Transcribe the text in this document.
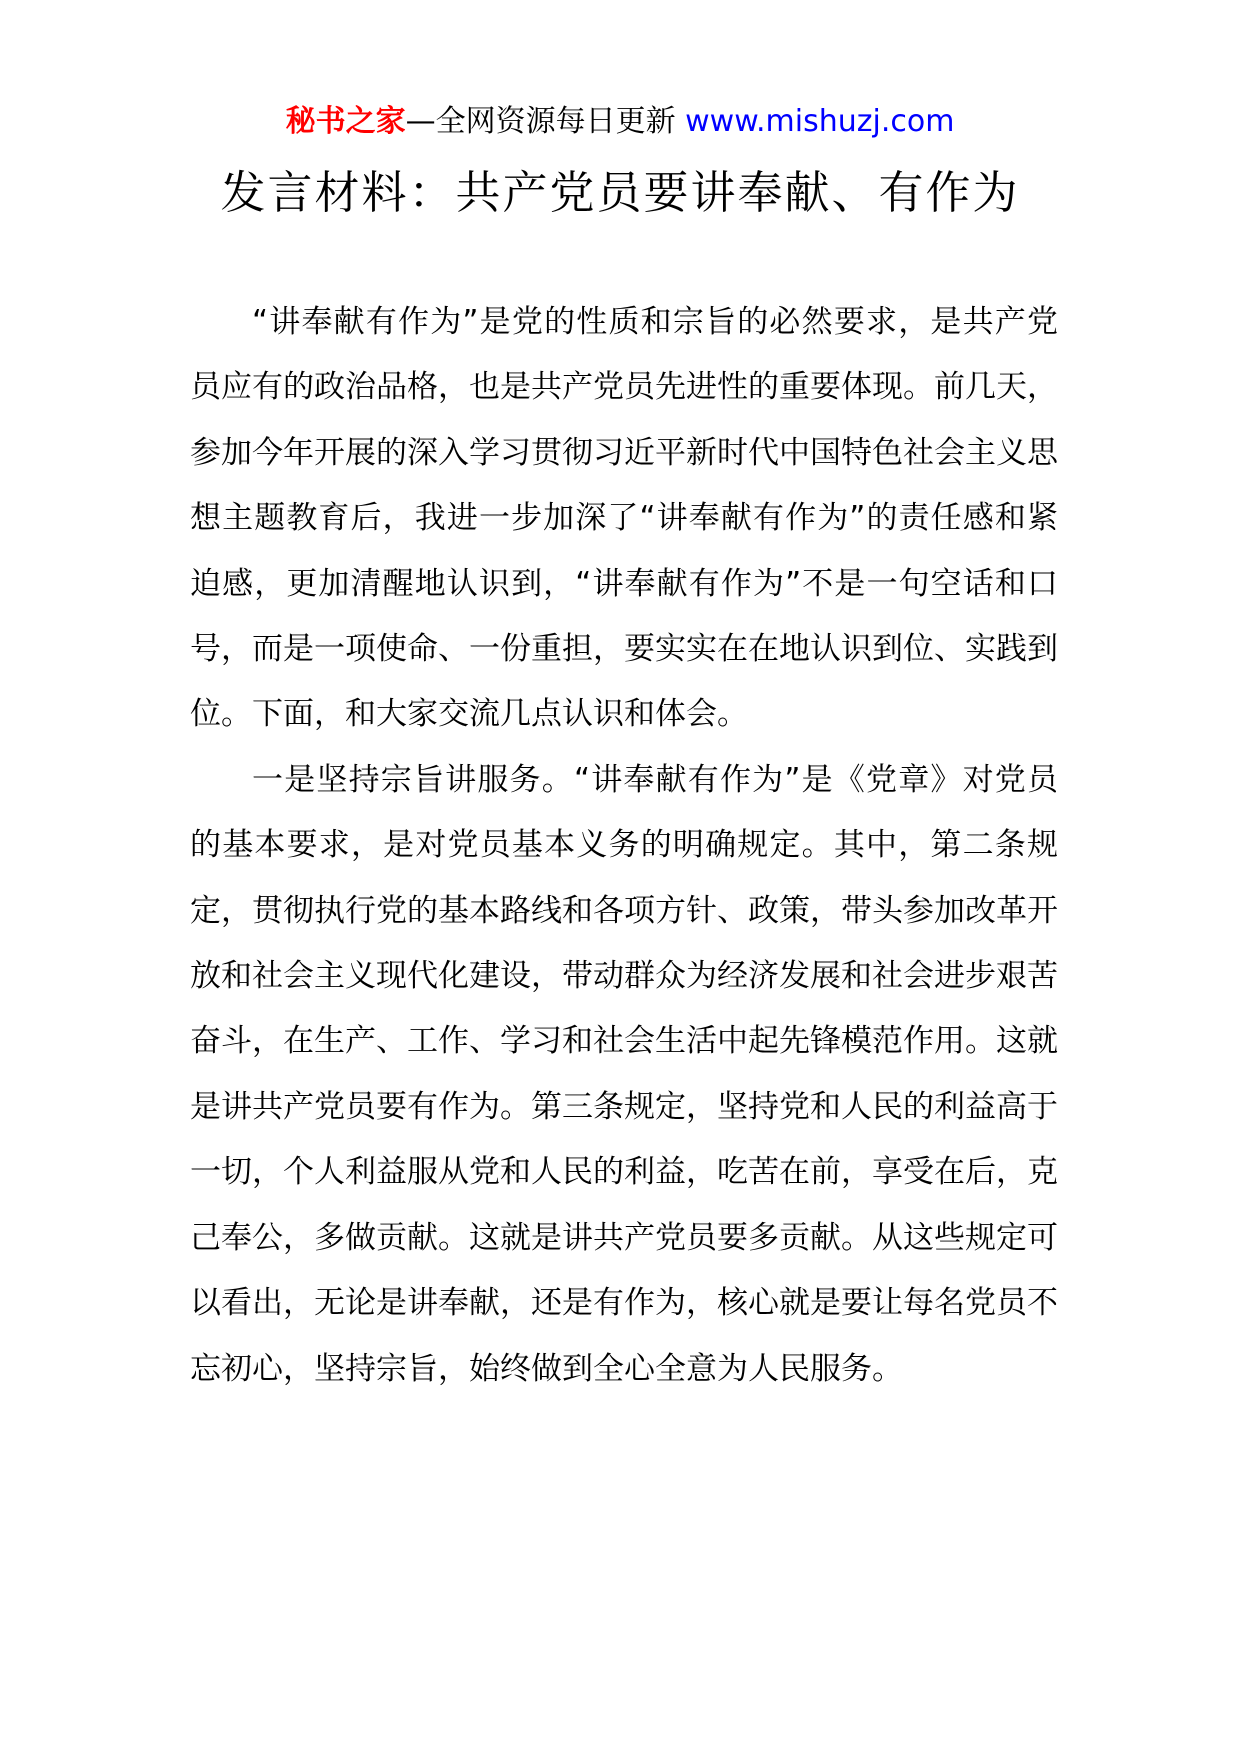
秘书之家—全网资源每日更新 www.mishuzj.com
发言材料：共产党员要讲奉献、有作为

“讲奉献有作为”是党的性质和宗旨的必然要求，是共产党员应有的政治品格，也是共产党员先进性的重要体现。前几天，参加今年开展的深入学习贯彻习近平新时代中国特色社会主义思想主题教育后，我进一步加深了“讲奉献有作为”的责任感和紧迫感，更加清醒地认识到，“讲奉献有作为”不是一句空话和口号，而是一项使命、一份重担，要实实在在地认识到位、实践到位。下面，和大家交流几点认识和体会。

一是坚持宗旨讲服务。“讲奉献有作为”是《党章》对党员的基本要求，是对党员基本义务的明确规定。其中，第二条规定，贯彻执行党的基本路线和各项方针、政策，带头参加改革开放和社会主义现代化建设，带动群众为经济发展和社会进步艰苦奋斗，在生产、工作、学习和社会生活中起先锋模范作用。这就是讲共产党员要有作为。第三条规定，坚持党和人民的利益高于一切，个人利益服从党和人民的利益，吃苦在前，享受在后，克己奉公，多做贡献。这就是讲共产党员要多贡献。从这些规定可以看出，无论是讲奉献，还是有作为，核心就是要让每名党员不忘初心，坚持宗旨，始终做到全心全意为人民服务。
